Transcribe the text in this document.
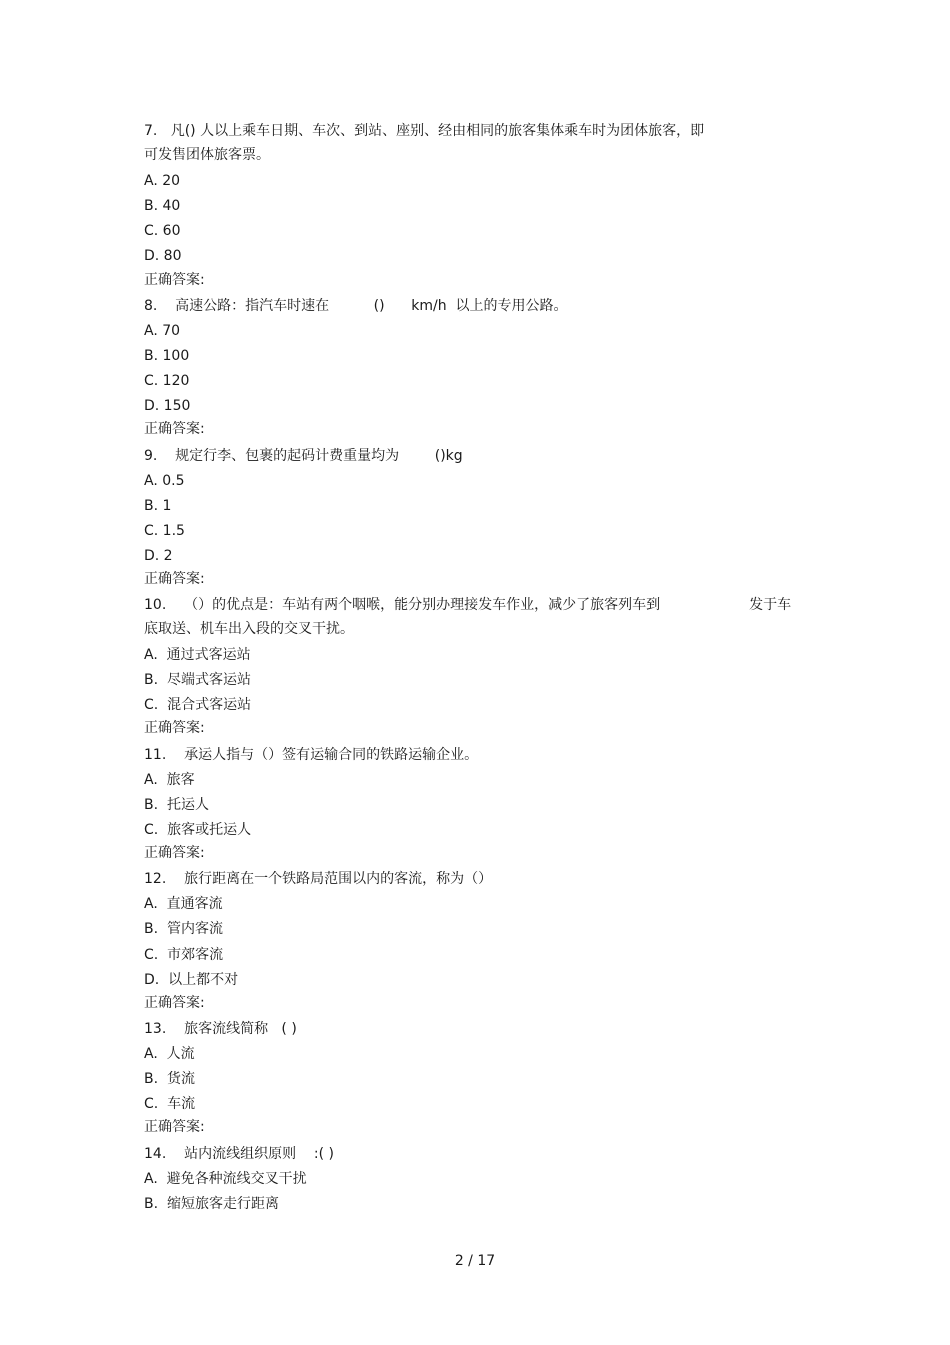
7.   凡() 人以上乘车日期、车次、到站、座别、经由相同的旅客集体乘车时为团体旅客，即
可发售团体旅客票。
A. 20
B. 40
C. 60
D. 80
正确答案:
8.    高速公路：指汽车时速在          ()      km/h  以上的专用公路。
A. 70
B. 100
C. 120
D. 150
正确答案:
9.    规定行李、包裹的起码计费重量均为        ()kg
A. 0.5
B. 1
C. 1.5
D. 2
正确答案:
10.    （）的优点是：车站有两个咽喉，能分别办理接发车作业，减少了旅客列车到                    发于车
底取送、机车出入段的交叉干扰。
A.  通过式客运站
B.  尽端式客运站
C.  混合式客运站
正确答案:
11.    承运人指与（）签有运输合同的铁路运输企业。
A.  旅客
B.  托运人
C.  旅客或托运人
正确答案:
12.    旅行距离在一个铁路局范围以内的客流，称为（）
A.  直通客流
B.  管内客流
C.  市郊客流
D.  以上都不对
正确答案:
13.    旅客流线简称   ( )
A.  人流
B.  货流
C.  车流
正确答案:
14.    站内流线组织原则    :( )
A.  避免各种流线交叉干扰
B.  缩短旅客走行距离
2 / 17
